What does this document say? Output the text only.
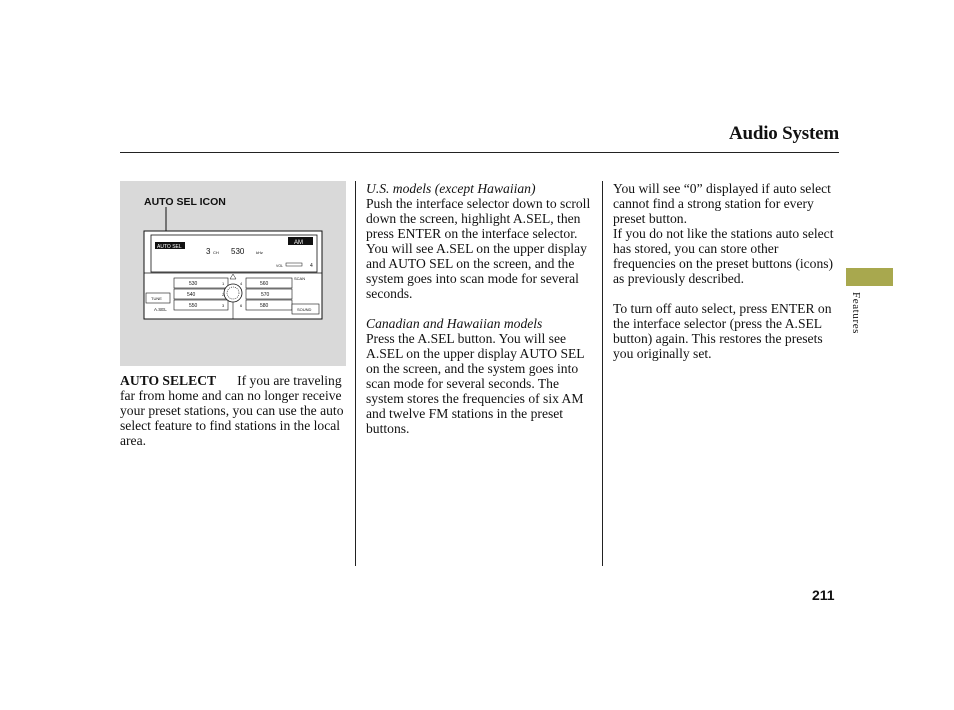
Audio System
AUTO SEL ICON
AUTO SEL	3 CH 530	kHz
AM
VOL	4
SCAN
530	1
540	2
550	3
4	560
570
6	580
TUNE
A.SEL	SOUND

AUTO SELECT If you are traveling far from home and can no longer receive your preset stations, you can use the auto select feature to find stations in the local area.

U.S. models (except Hawaiian)

Push the interface selector down to scroll down the screen, highlight A.SEL, then press ENTER on the interface selector. You will see A.SEL on the upper display and AUTO SEL on the screen, and the system goes into scan mode for several seconds.

Canadian and Hawaiian models

Press the A.SEL button. You will see A.SEL on the upper display AUTO SEL on the screen, and the system goes into scan mode for several seconds. The system stores the frequencies of six AM and twelve FM stations in the preset buttons.

You will see “0” displayed if auto select cannot find a strong station for every preset button.

If you do not like the stations auto select has stored, you can store other frequencies on the preset buttons (icons) as previously described.

To turn off auto select, press ENTER on the interface selector (press the A.SEL button) again. This restores the presets you originally set.

Features
211
